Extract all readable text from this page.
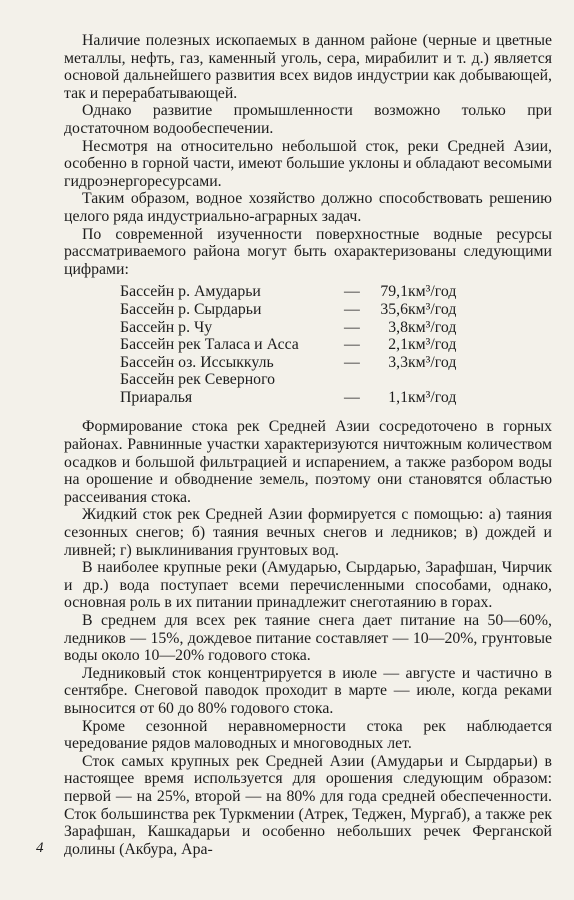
Наличие полезных ископаемых в данном районе (черные и цветные металлы, нефть, газ, каменный уголь, сера, мирабилит и т. д.) является основой дальнейшего развития всех видов индустрии как добывающей, так и перерабатывающей.

Однако развитие промышленности возможно только при достаточном водообеспечении.

Несмотря на относительно небольшой сток, реки Средней Азии, особенно в горной части, имеют большие уклоны и обладают весомыми гидроэнергоресурсами.

Таким образом, водное хозяйство должно способствовать решению целого ряда индустриально-аграрных задач.

По современной изученности поверхностные водные ресурсы рассматриваемого района могут быть охарактеризованы следующими цифрами:

Бассейн р. Амударьи	—	79,1	км³/год
Бассейн р. Сырдарьи	—	35,6	км³/год
Бассейн р. Чу	—	3,8	км³/год
Бассейн рек Таласа и Асса	—	2,1	км³/год
Бассейн оз. Иссыккуль	—	3,3	км³/год
Бассейн рек Северного			
Приаралья	—	1,1	км³/год

Формирование стока рек Средней Азии сосредоточено в горных районах. Равнинные участки характеризуются ничтожным количеством осадков и большой фильтрацией и испарением, а также разбором воды на орошение и обводнение земель, поэтому они становятся областью рассеивания стока.

Жидкий сток рек Средней Азии формируется с помощью: а) таяния сезонных снегов; б) таяния вечных снегов и ледников; в) дождей и ливней; г) выклинивания грунтовых вод.

В наиболее крупные реки (Амударью, Сырдарью, Зарафшан, Чирчик и др.) вода поступает всеми перечисленными способами, однако, основная роль в их питании принадлежит снеготаянию в горах.

В среднем для всех рек таяние снега дает питание на 50—60%, ледников — 15%, дождевое питание составляет — 10—20%, грунтовые воды около 10—20% годового стока.

Ледниковый сток концентрируется в июле — августе и частично в сентябре. Снеговой паводок проходит в марте — июле, когда реками выносится от 60 до 80% годового стока.

Кроме сезонной неравномерности стока рек наблюдается чередование рядов маловодных и многоводных лет.

Сток самых крупных рек Средней Азии (Амударьи и Сырдарьи) в настоящее время используется для орошения следующим образом: первой — на 25%, второй — на 80% для года средней обеспеченности. Сток большинства рек Туркмении (Атрек, Теджен, Мургаб), а также рек Зарафшан, Кашкадарьи и особенно небольших речек Ферганской долины (Акбура, Ара-

4
